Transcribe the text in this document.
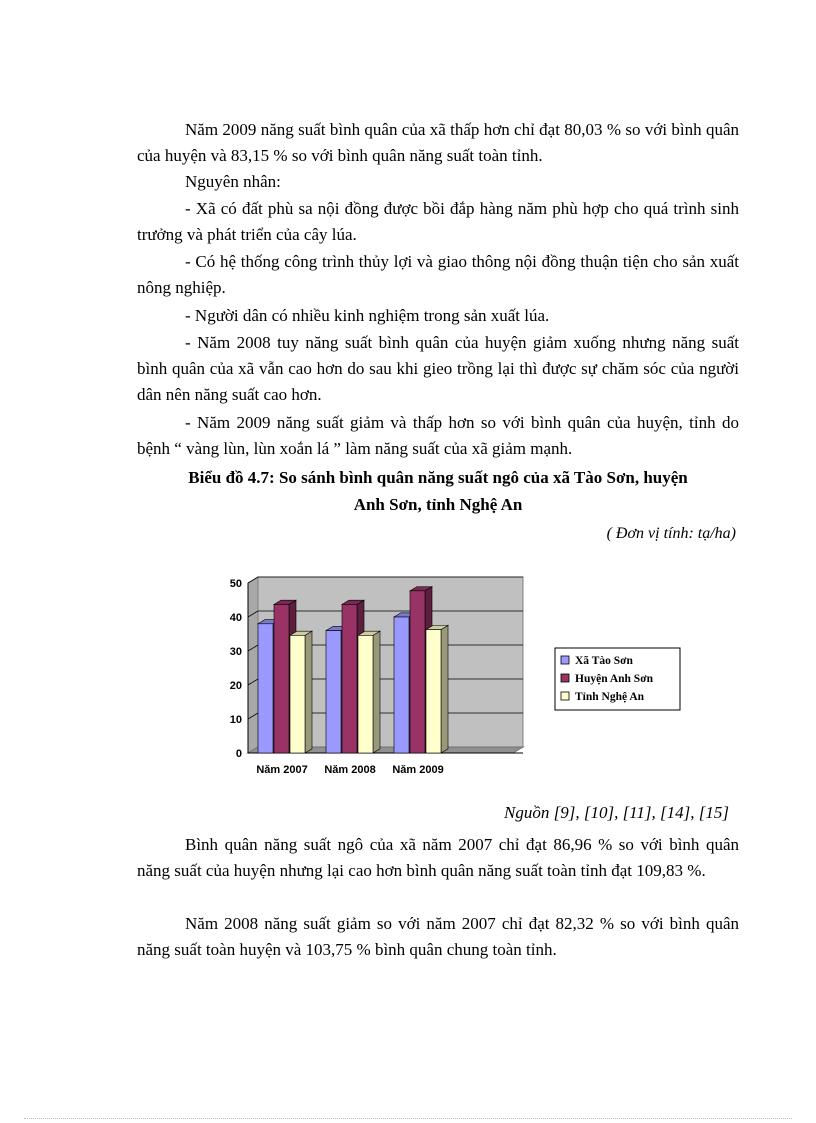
Năm 2009 năng suất bình quân của xã thấp hơn chỉ đạt 80,03 % so với bình quân của huyện và 83,15 % so với bình quân năng suất toàn tỉnh.

Nguyên nhân:

- Xã có đất phù sa nội đồng được bồi đắp hàng năm phù hợp cho quá trình sinh trưởng và phát triển của cây lúa.

- Có hệ thống công trình thủy lợi và giao thông nội đồng thuận tiện cho sản xuất nông nghiệp.

- Người dân có nhiều kinh nghiệm trong sản xuất lúa.

- Năm 2008 tuy năng suất bình quân của huyện giảm xuống nhưng năng suất bình quân của xã vẫn cao hơn do sau khi gieo trồng lại thì được sự chăm sóc của người dân nên năng suất cao hơn.

- Năm 2009 năng suất giảm và thấp hơn so với bình quân của huyện, tỉnh do bệnh “ vàng lùn, lùn xoắn lá ” làm năng suất của xã giảm mạnh.

Biểu đồ 4.7: So sánh bình quân năng suất ngô của xã Tào Sơn, huyện

Anh Sơn, tỉnh Nghệ An

( Đơn vị tính: tạ/ha)
0
10
20
30
40
50
Năm 2007 Năm 2008 Năm 2009
Xã Tào Sơn
Huyện Anh Sơn
Tỉnh Nghệ An
Nguồn [9], [10], [11], [14], [15]

Bình quân năng suất ngô của xã năm 2007 chỉ đạt 86,96 % so với bình quân năng suất của huyện nhưng lại cao hơn bình quân năng suất toàn tỉnh đạt 109,83 %.

Năm 2008 năng suất giảm so với năm 2007 chỉ đạt 82,32 % so với bình quân năng suất toàn huyện và 103,75 % bình quân chung toàn tỉnh.
